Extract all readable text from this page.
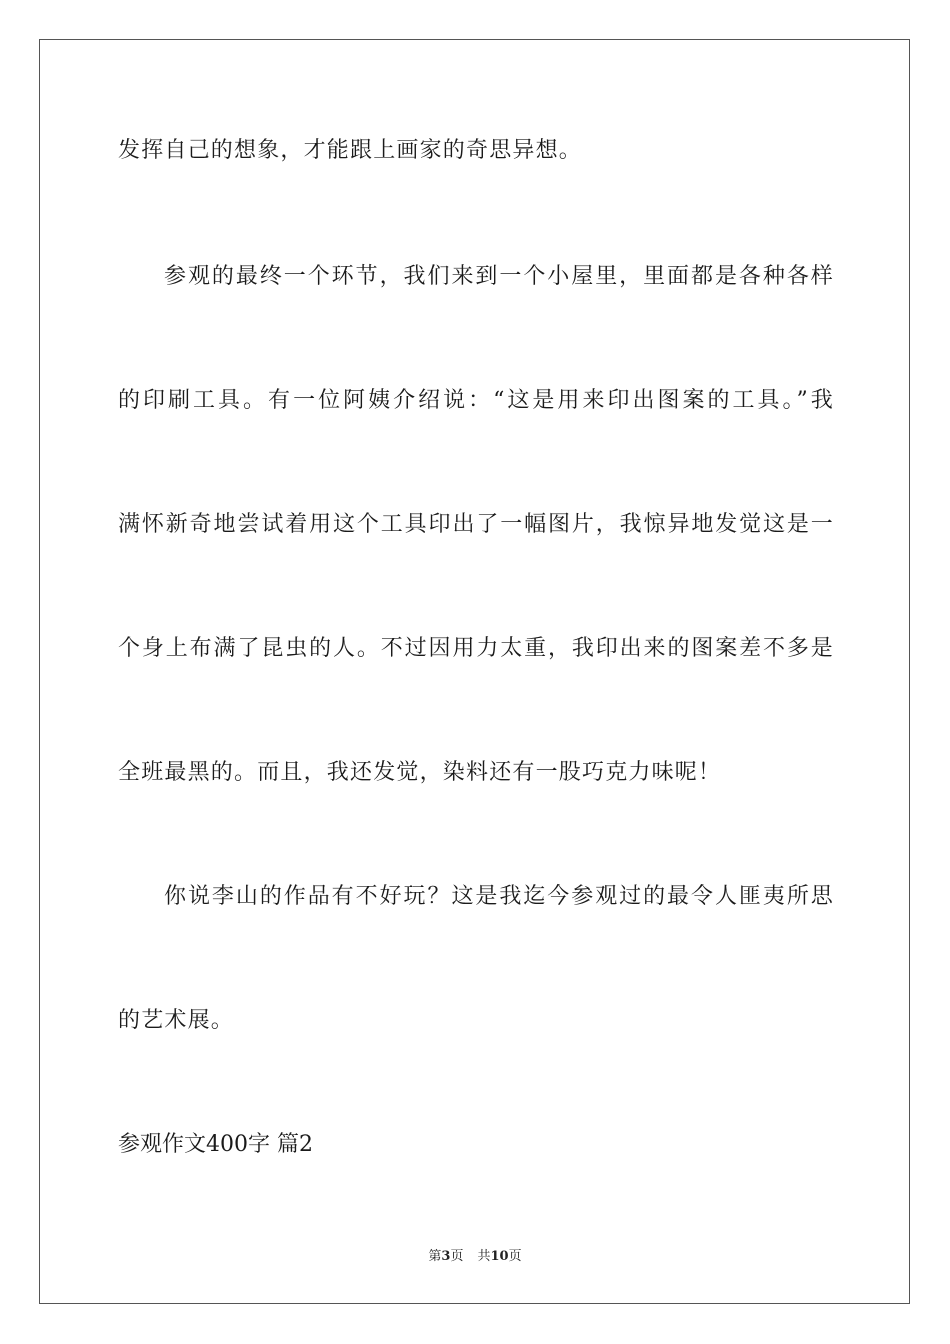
发挥自己的想象，才能跟上画家的奇思异想。
参观的最终一个环节，我们来到一个小屋里，里面都是各种各样
的印刷工具。有一位阿姨介绍说：“这是用来印出图案的工具。”我
满怀新奇地尝试着用这个工具印出了一幅图片，我惊异地发觉这是一
个身上布满了昆虫的人。不过因用力太重，我印出来的图案差不多是
全班最黑的。而且，我还发觉，染料还有一股巧克力味呢！
你说李山的作品有不好玩？这是我迄今参观过的最令人匪夷所思
的艺术展。
参观作文400字 篇2
第3页 共10页
